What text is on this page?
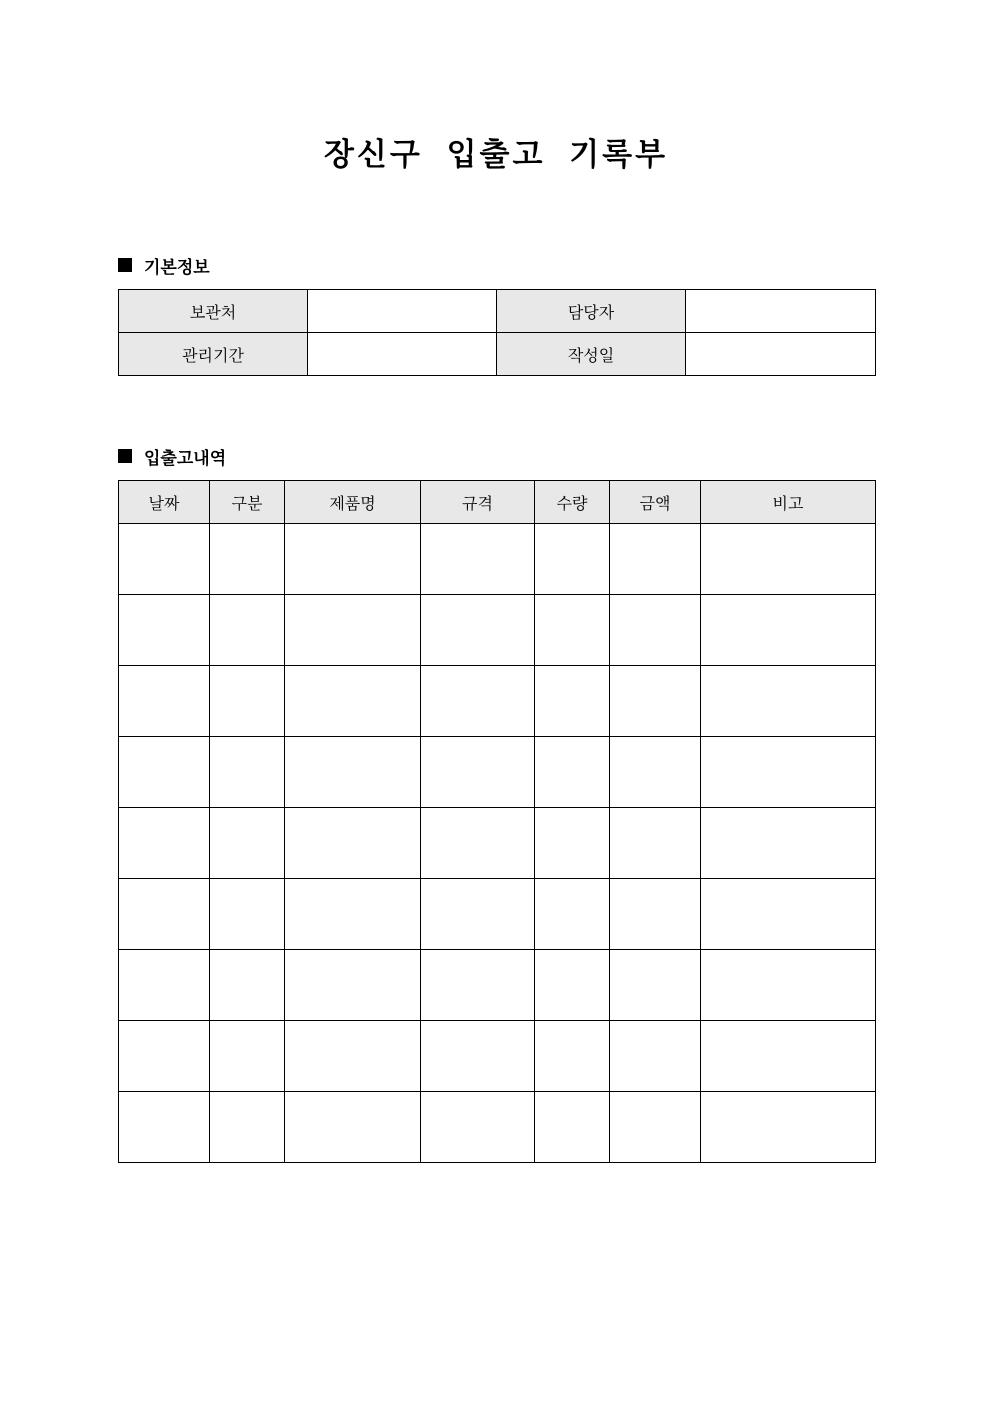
장신구 입출고 기록부
기본정보
보관처		담당자	
관리기간		작성일	
입출고내역
날짜	구분	제품명	규격	수량	금액	비고
